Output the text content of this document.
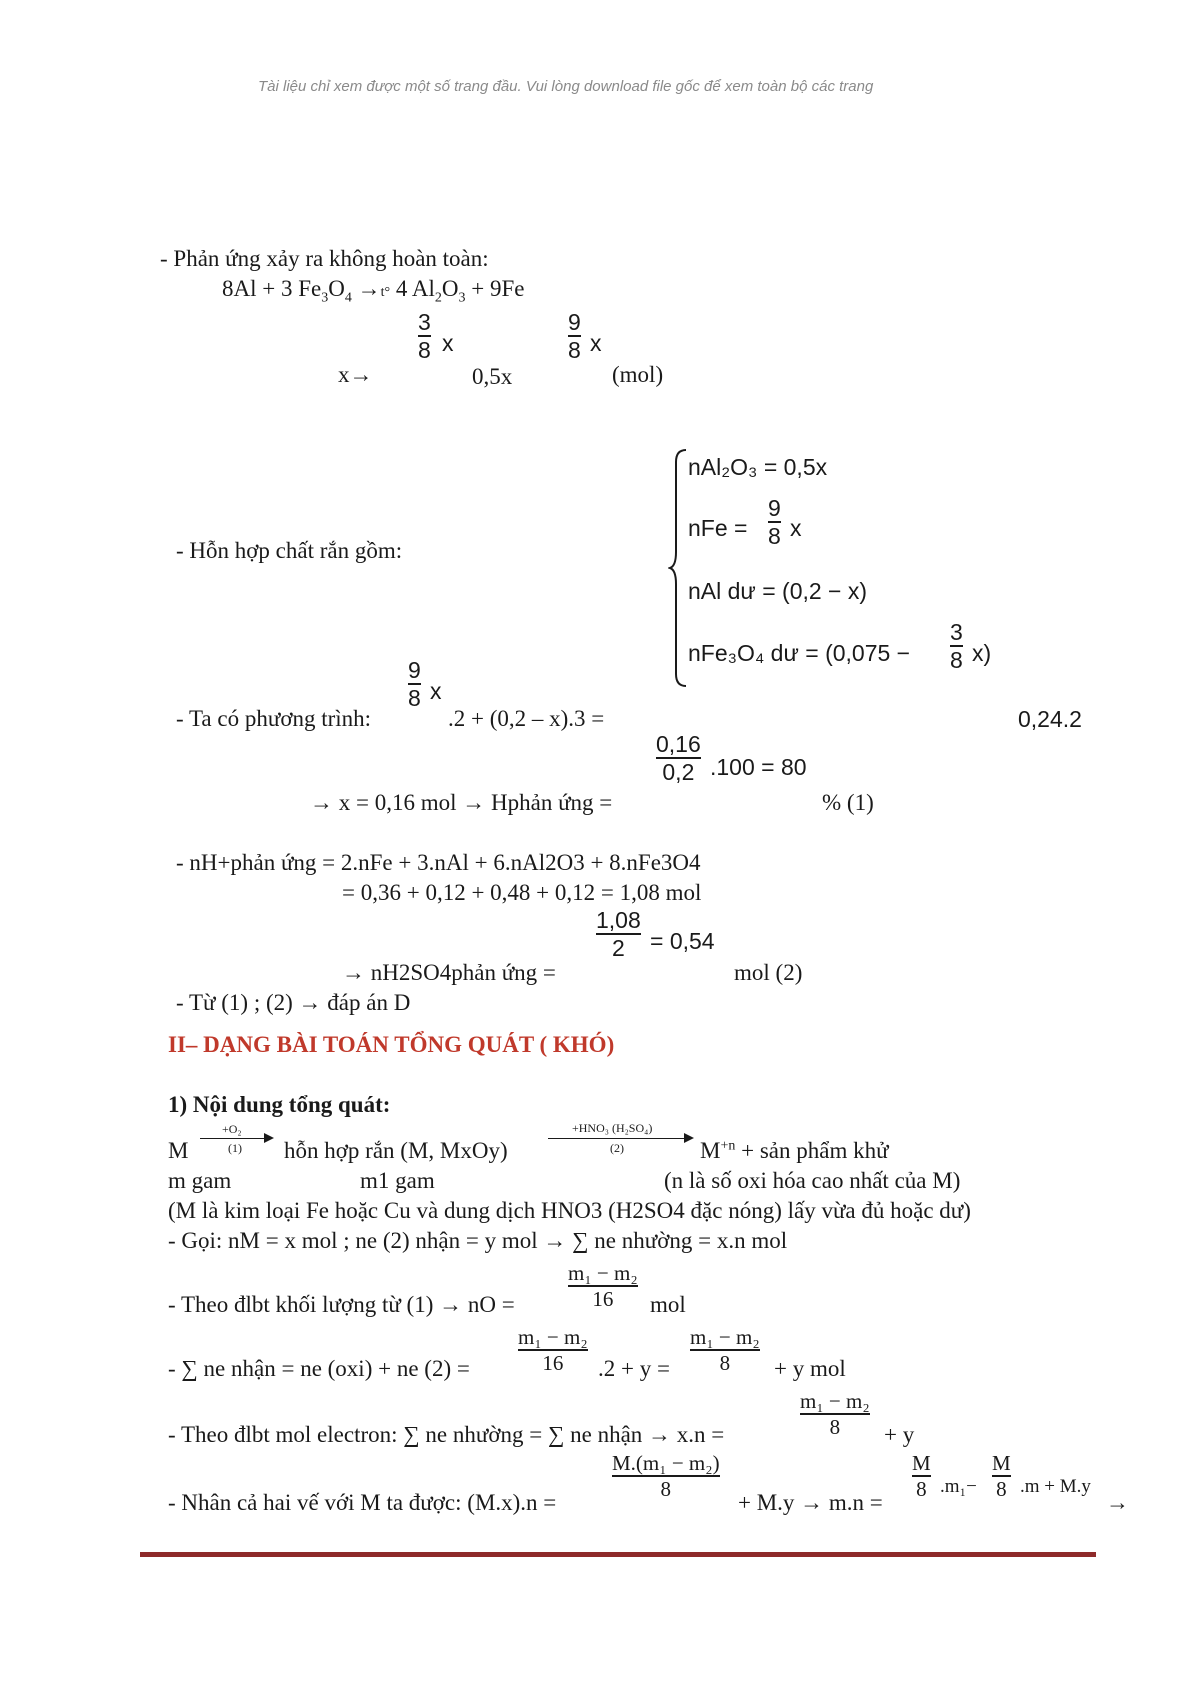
Tài liệu chỉ xem được một số trang đầu. Vui lòng download file gốc để xem toàn bộ các trang
- Phản ứng xảy ra không hoàn toàn:
8Al + 3 $Fe_3O_4 \to t^\circ$ 4 $Al_2O_3 + 9Fe$
x→
3
8 x
0,5x
9
8 x
(mol)
- Hỗn hợp chất rắn gồm:
nAl₂O₃ = 0,5x
nFe =
9
8 x
nAl dư = (0,2 − x)
nFe₃O₄ dư = (0,075 −
3
8 x)
9
8 x
- Ta có phương trình:	.2 + (0,2 – x).3 =	0,24.2
0,16
0,2 .100 = 80
→ x = 0,16 mol → Hphản ứng =	% (1)
- nH+phản ứng = 2.nFe + 3.nAl + 6.nAl2O3 + 8.nFe3O4
= 0,36 + 0,12 + 0,48 + 0,12 = 1,08 mol
1,08
2 = 0,54
→ nH2SO4phản ứng =	mol (2)
- Từ (1) ; (2) → đáp án D
II– DẠNG BÀI TOÁN TỔNG QUÁT ( KHÓ)
1) Nội dung tổng quát:
M
+O₂
(1) hỗn hợp rắn (M, MxOy)
+HNO₃ (H₂SO₄)
(2)	$M^{+n}$ + sản phẩm khử
m gam	m1 gam	(n là số oxi hóa cao nhất của M)
(M là kim loại Fe hoặc Cu và dung dịch HNO3 (H2SO4 đặc nóng) lấy vừa đủ hoặc dư)
- Gọi: nM = x mol ; ne (2) nhận = y mol → ∑ ne nhường = x.n mol
m₁ − m₂
16
- Theo đlbt khối lượng từ (1) → nO =	mol
m₁ − m₂
16
m₁ − m₂
8
- ∑ ne nhận = ne (oxi) + ne (2) =	.2 + y =	+ y mol
m₁ − m₂
8
- Theo đlbt mol electron: ∑ ne nhường = ∑ ne nhận → x.n =	+ y
M.(m₁ − m₂)
8
M
8 .m₁−
M
8 .m + M.y
- Nhân cả hai vế với M ta được: (M.x).n =	+ M.y → m.n =	→
